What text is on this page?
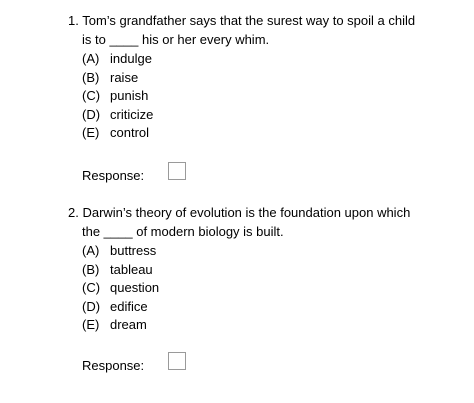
1. Tom’s grandfather says that the surest way to spoil a child
is to ____ his or her every whim.
(A) indulge
(B) raise
(C) punish
(D) criticize
(E) control
Response:
2. Darwin’s theory of evolution is the foundation upon which
the ____ of modern biology is built.
(A) buttress
(B) tableau
(C) question
(D) edifice
(E) dream
Response:
